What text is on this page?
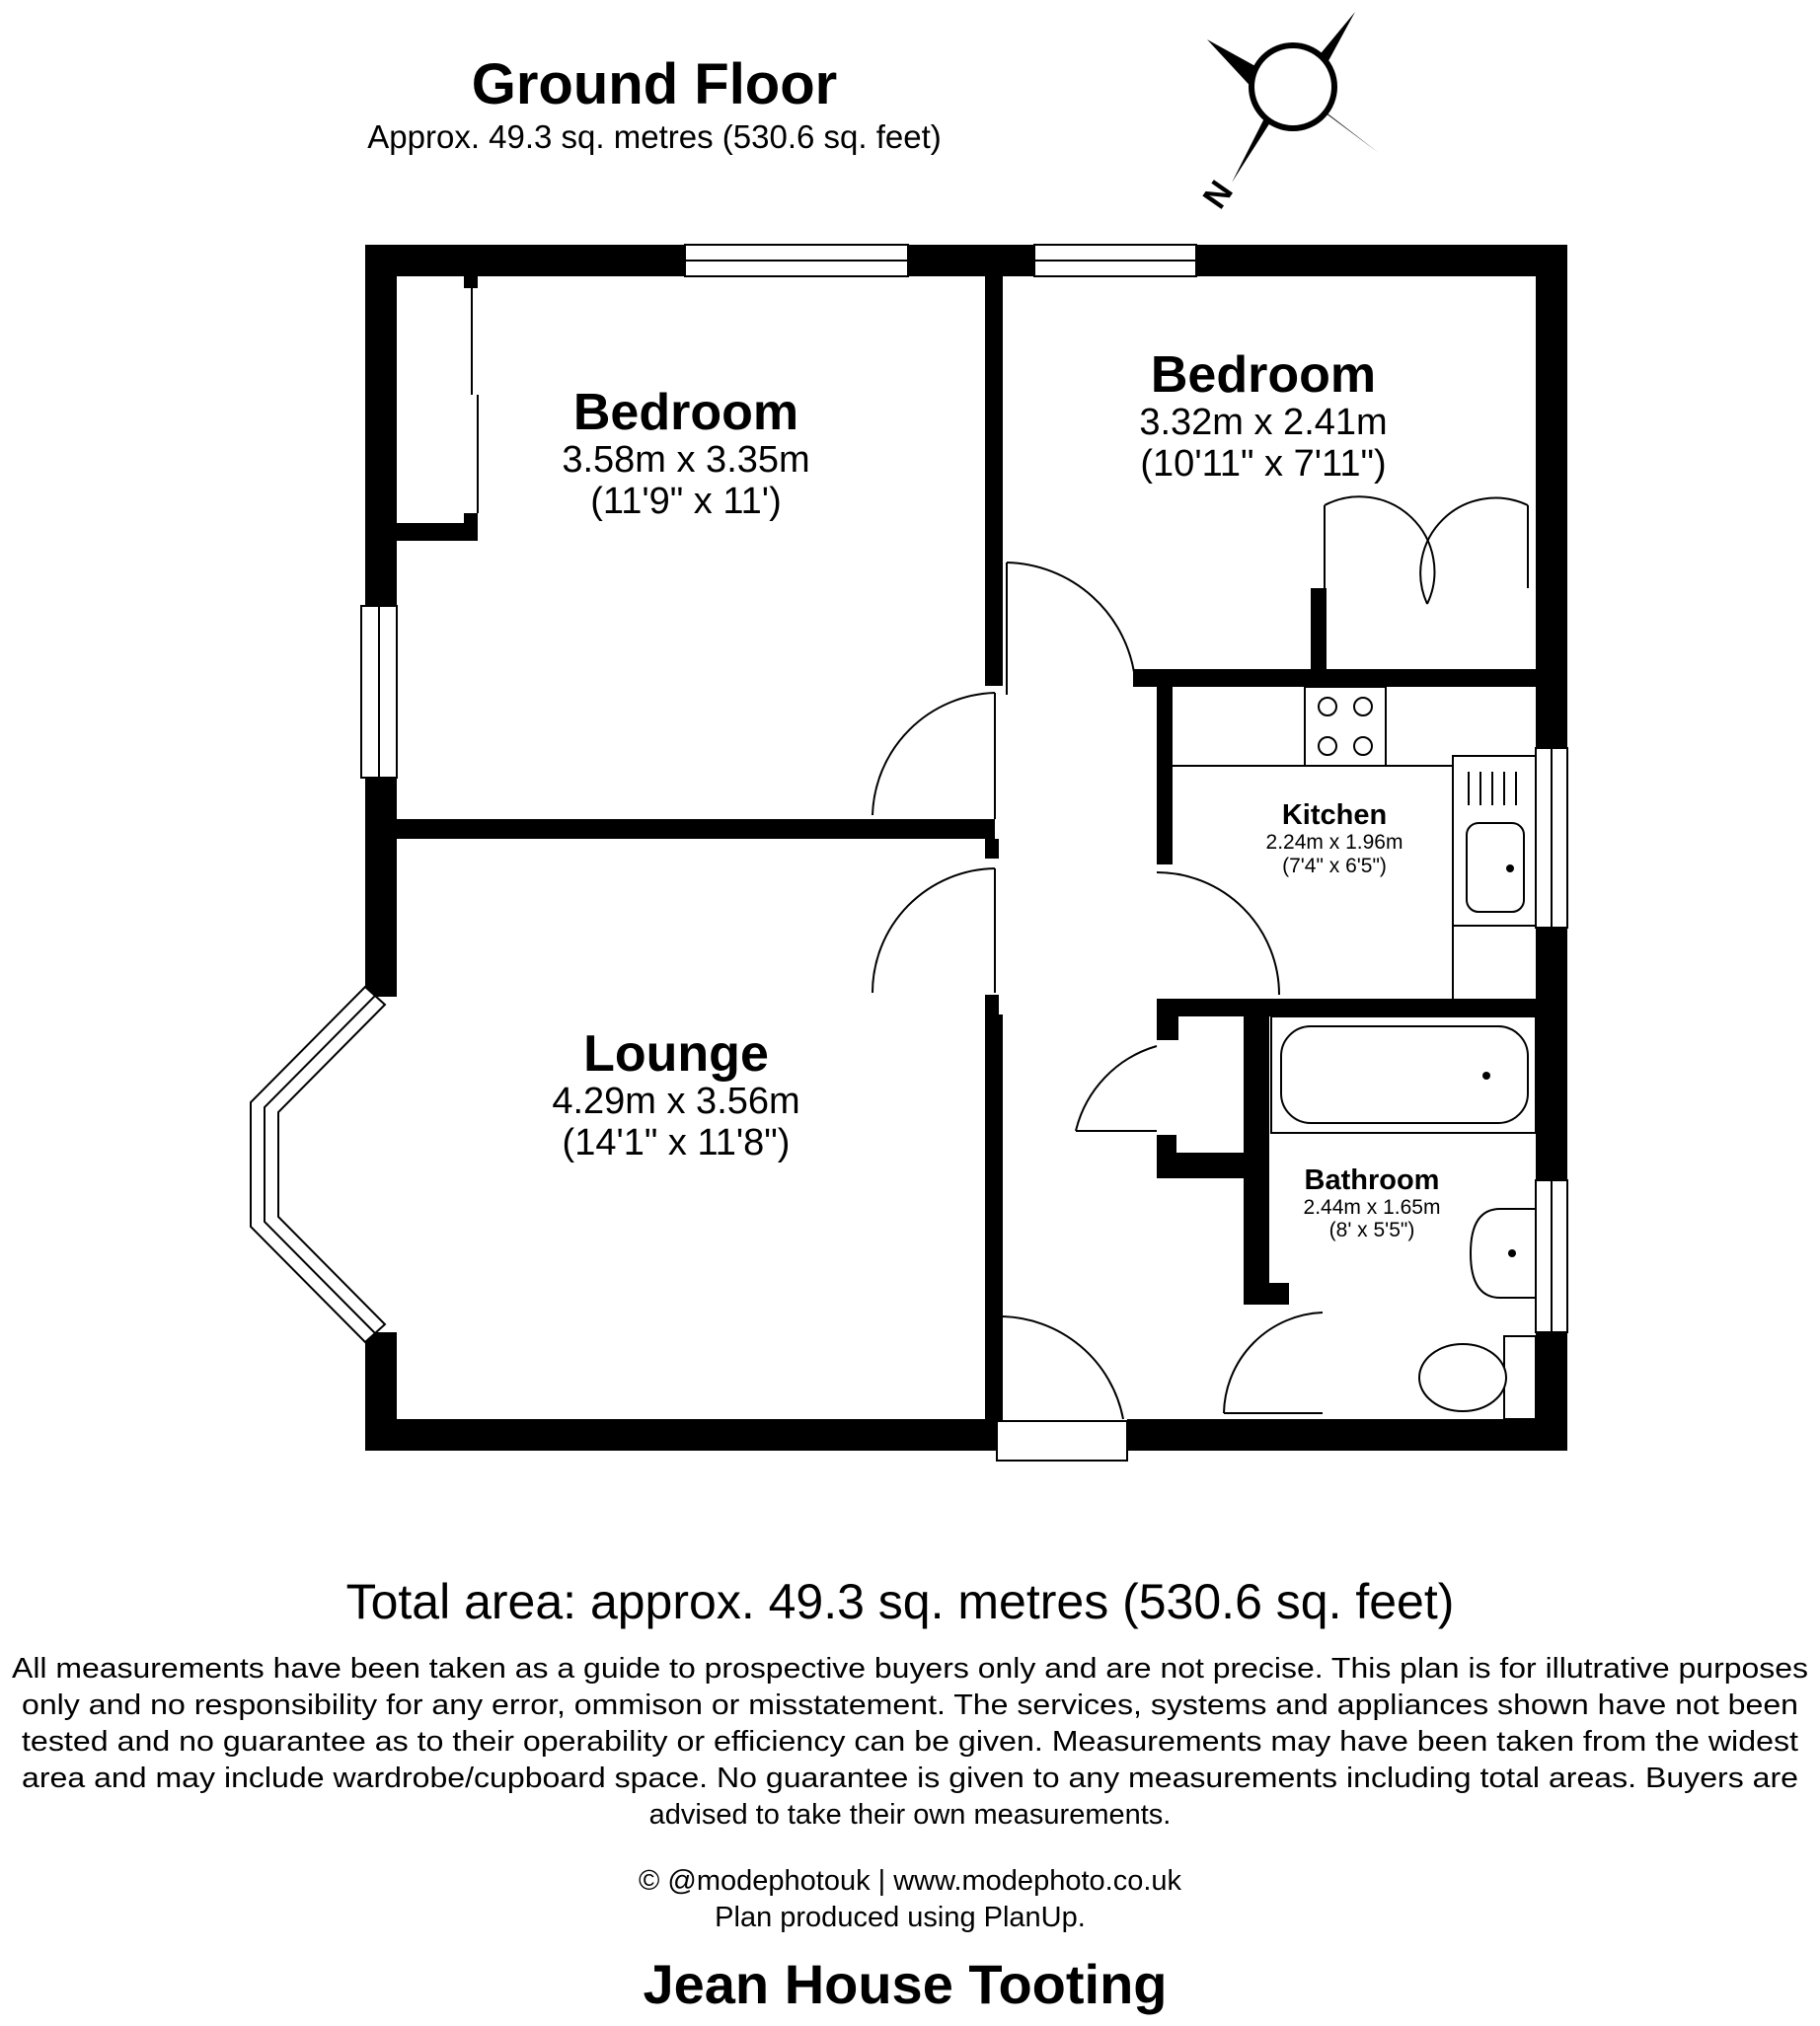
Ground Floor
Approx. 49.3 sq. metres (530.6 sq. feet)
N
Bedroom
3.58m x 3.35m
(11'9" x 11')
Bedroom
3.32m x 2.41m
(10'11" x 7'11")
Kitchen
2.24m x 1.96m
(7'4" x 6'5")
Lounge
4.29m x 3.56m
(14'1" x 11'8")
Bathroom
2.44m x 1.65m
(8' x 5'5")
Total area: approx. 49.3 sq. metres (530.6 sq. feet)
All measurements have been taken as a guide to prospective buyers only and are not precise. This plan is for illutrative purposes
only and no responsibility for any error, ommison or misstatement. The services, systems and appliances shown have not been
tested and no guarantee as to their operability or efficiency can be given. Measurements may have been taken from the widest
area and may include wardrobe/cupboard space. No guarantee is given to any measurements including total areas. Buyers are
advised to take their own measurements.
© @modephotouk | www.modephoto.co.uk
Plan produced using PlanUp.
Jean House Tooting
